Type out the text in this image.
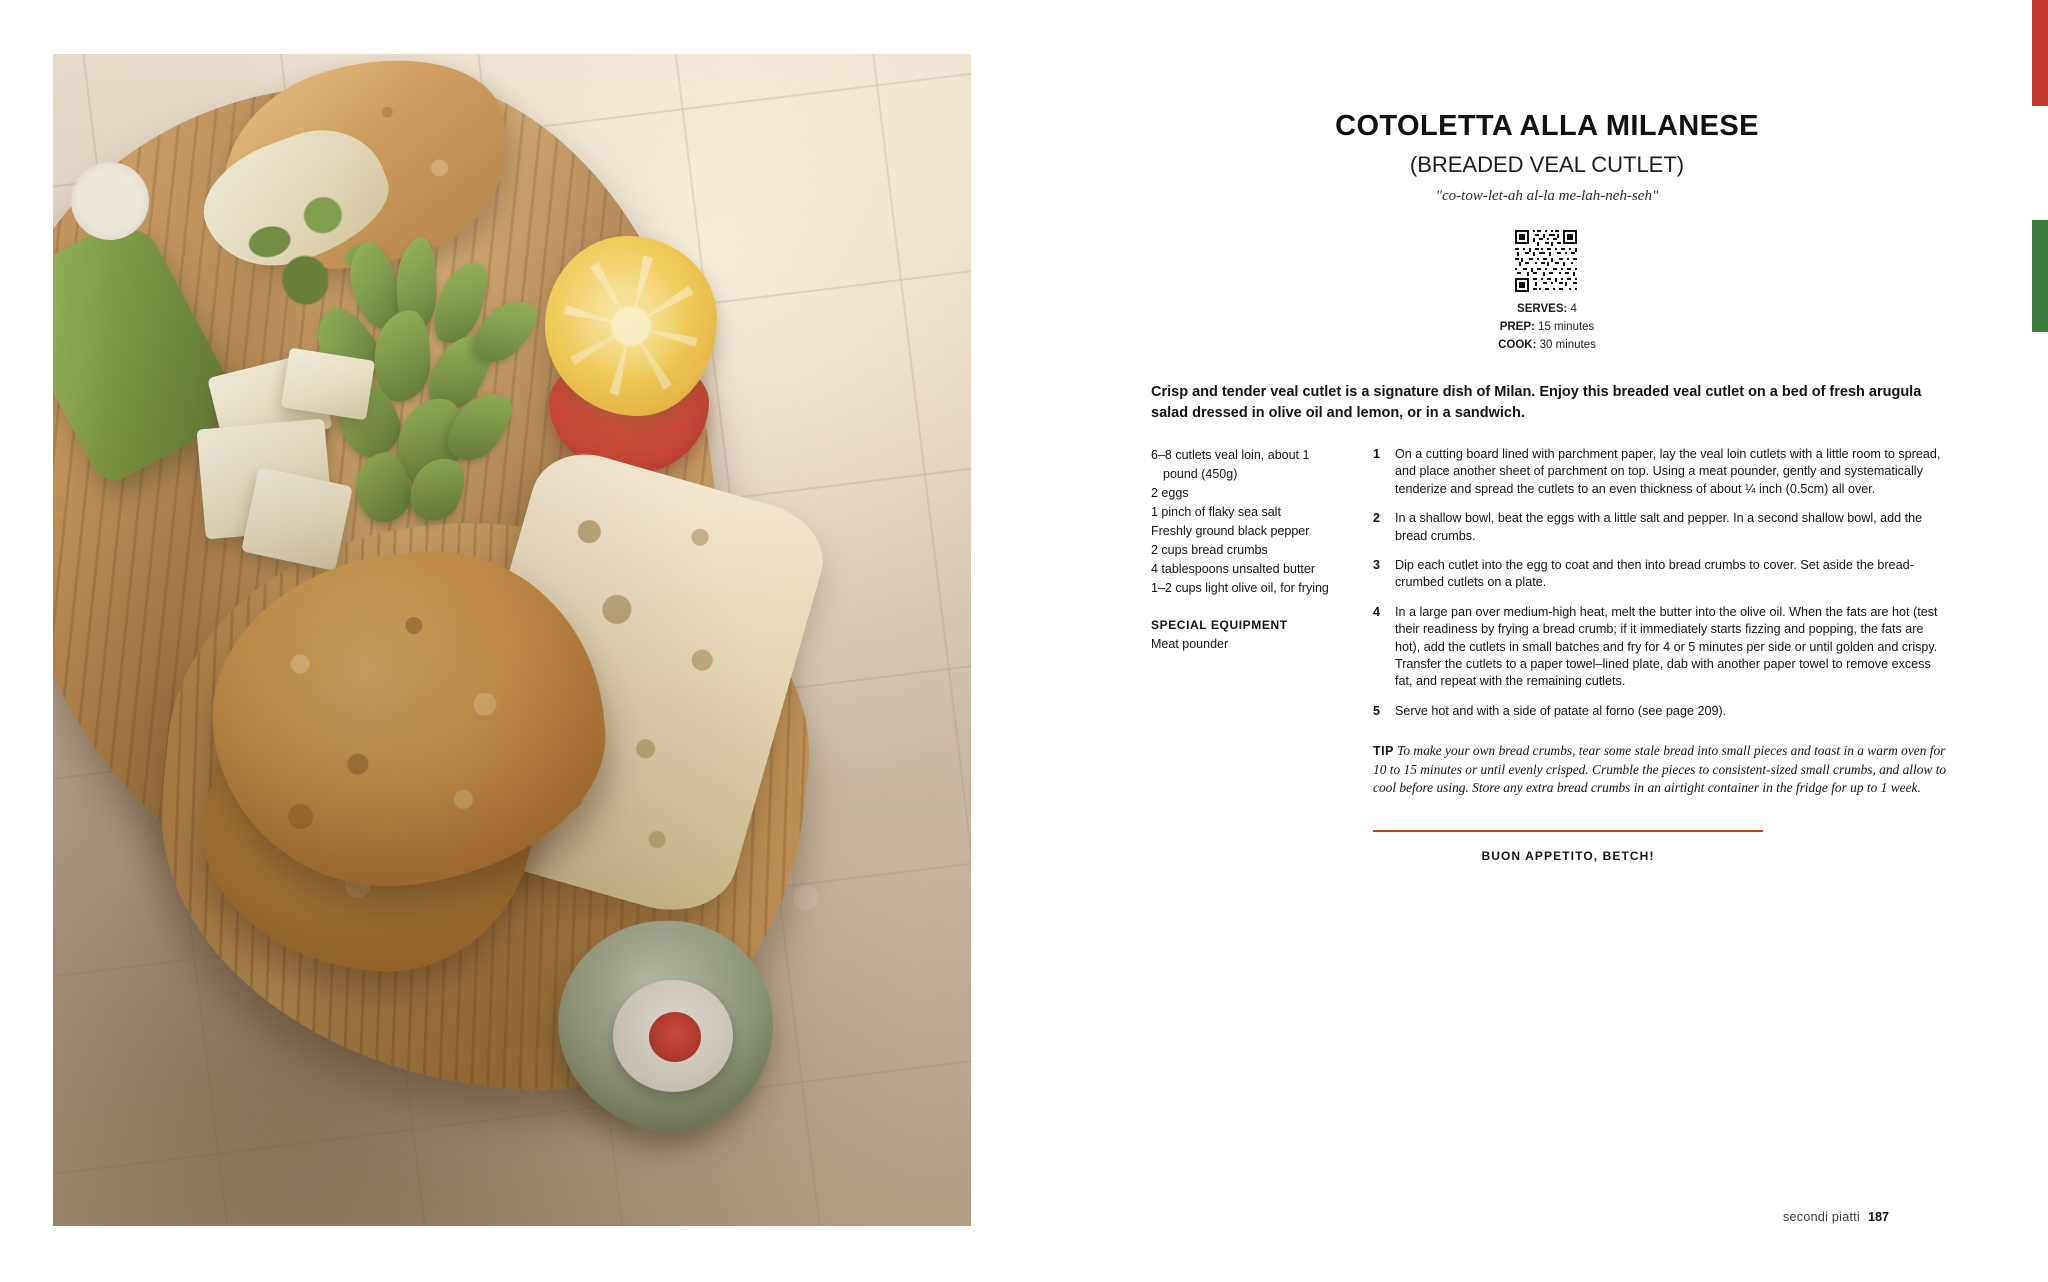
COTOLETTA ALLA MILANESE
(BREADED VEAL CUTLET)
"co-tow-let-ah al-la me-lah-neh-seh"
SERVES: 4
PREP: 15 minutes
COOK: 30 minutes
Crisp and tender veal cutlet is a signature dish of Milan. Enjoy this breaded veal cutlet on a bed of fresh arugula salad dressed in olive oil and lemon, or in a sandwich.
6–8 cutlets veal loin, about 1 pound (450g)
2 eggs
1 pinch of flaky sea salt
Freshly ground black pepper
2 cups bread crumbs
4 tablespoons unsalted butter
1–2 cups light olive oil, for frying
SPECIAL EQUIPMENT
Meat pounder
1 On a cutting board lined with parchment paper, lay the veal loin cutlets with a little room to spread, and place another sheet of parchment on top. Using a meat pounder, gently and systematically tenderize and spread the cutlets to an even thickness of about ¼ inch (0.5cm) all over.
2 In a shallow bowl, beat the eggs with a little salt and pepper. In a second shallow bowl, add the bread crumbs.
3 Dip each cutlet into the egg to coat and then into bread crumbs to cover. Set aside the bread-crumbed cutlets on a plate.
4 In a large pan over medium-high heat, melt the butter into the olive oil. When the fats are hot (test their readiness by frying a bread crumb; if it immediately starts fizzing and popping, the fats are hot), add the cutlets in small batches and fry for 4 or 5 minutes per side or until golden and crispy. Transfer the cutlets to a paper towel–lined plate, dab with another paper towel to remove excess fat, and repeat with the remaining cutlets.
5 Serve hot and with a side of patate al forno (see page 209).
TIP To make your own bread crumbs, tear some stale bread into small pieces and toast in a warm oven for 10 to 15 minutes or until evenly crisped. Crumble the pieces to consistent-sized small crumbs, and allow to cool before using. Store any extra bread crumbs in an airtight container in the fridge for up to 1 week.
BUON APPETITO, BETCH!
secondi piatti 187
